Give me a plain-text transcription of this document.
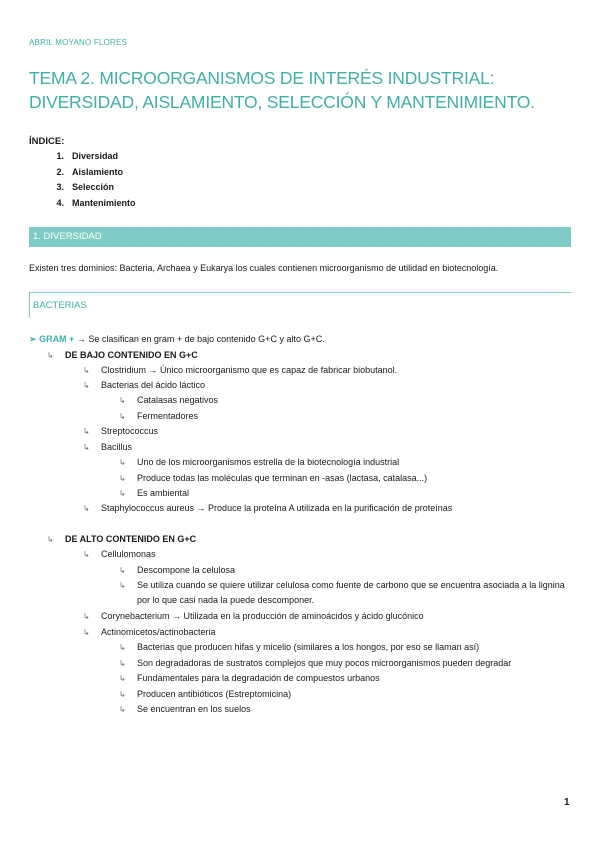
ABRIL MOYANO FLORES
TEMA 2. MICROORGANISMOS DE INTERÉS INDUSTRIAL: DIVERSIDAD, AISLAMIENTO, SELECCIÓN Y MANTENIMIENTO.
ÍNDICE:
1. Diversidad
2. Aislamiento
3. Selección
4. Mantenimiento
1. DIVERSIDAD
Existen tres dominios: Bacteria, Archaea y Eukarya los cuales contienen microorganismo de utilidad en biotecnología.
BACTERIAS
➢ GRAM + → Se clasifican en gram + de bajo contenido G+C y alto G+C.
↳ DE BAJO CONTENIDO EN G+C
↳ Clostridium → Único microorganismo que es capaz de fabricar biobutanol.
↳ Bacterias del ácido láctico
↳ Catalasas negativos
↳ Fermentadores
↳ Streptococcus
↳ Bacillus
↳ Uno de los microorganismos estrella de la biotecnología industrial
↳ Produce todas las moléculas que terminan en -asas (lactasa, catalasa...)
↳ Es ambiental
↳ Staphylococcus aureus → Produce la proteína A utilizada en la purificación de proteínas
↳ DE ALTO CONTENIDO EN G+C
↳ Cellulomonas
↳ Descompone la celulosa
↳	Se utiliza cuando se quiere utilizar celulosa como fuente de carbono que se encuentra asociada a la lignina por lo que casi nada la puede descomponer.
↳ Corynebacterium → Utilizada en la producción de aminoácidos y ácido glucónico
↳ Actinomicetos/actinobacteria
↳ Bacterias que producen hifas y micelio (similares a los hongos, por eso se llaman así)
↳ Son degradadoras de sustratos complejos que muy pocos microorganismos pueden degradar
↳ Fundamentales para la degradación de compuestos urbanos
↳ Producen antibióticos (Estreptomicina)
↳ Se encuentran en los suelos
1
○ ■
